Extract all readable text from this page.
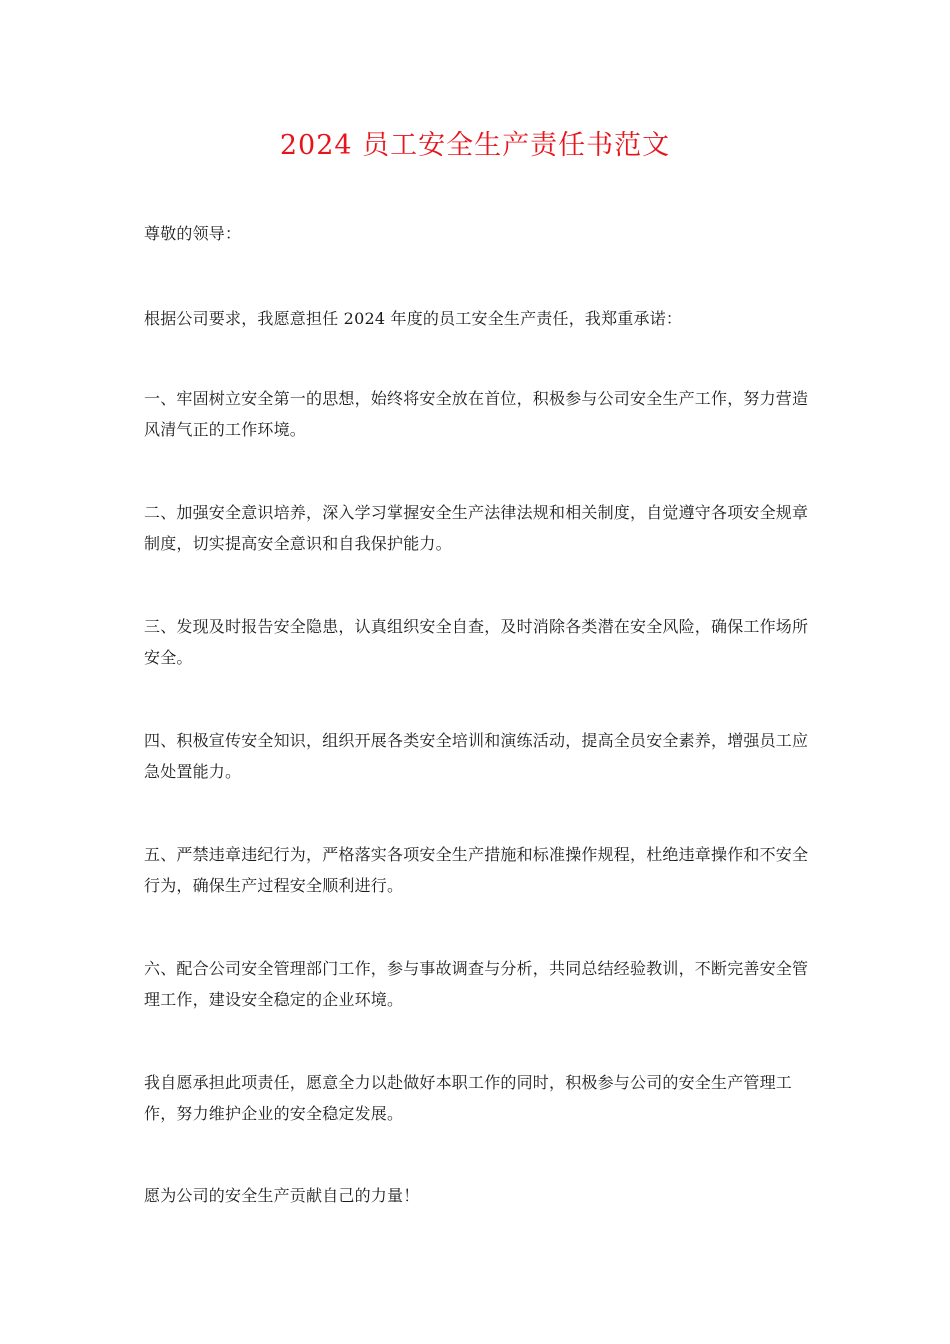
2024 员工安全生产责任书范文

尊敬的领导：

根据公司要求，我愿意担任 2024 年度的员工安全生产责任，我郑重承诺：

一、牢固树立安全第一的思想，始终将安全放在首位，积极参与公司安全生产工作，努力营造风清气正的工作环境。

二、加强安全意识培养，深入学习掌握安全生产法律法规和相关制度，自觉遵守各项安全规章制度，切实提高安全意识和自我保护能力。

三、发现及时报告安全隐患，认真组织安全自查，及时消除各类潜在安全风险，确保工作场所安全。

四、积极宣传安全知识，组织开展各类安全培训和演练活动，提高全员安全素养，增强员工应急处置能力。

五、严禁违章违纪行为，严格落实各项安全生产措施和标准操作规程，杜绝违章操作和不安全行为，确保生产过程安全顺利进行。

六、配合公司安全管理部门工作，参与事故调查与分析，共同总结经验教训，不断完善安全管理工作，建设安全稳定的企业环境。

我自愿承担此项责任，愿意全力以赴做好本职工作的同时，积极参与公司的安全生产管理工作，努力维护企业的安全稳定发展。

愿为公司的安全生产贡献自己的力量！
